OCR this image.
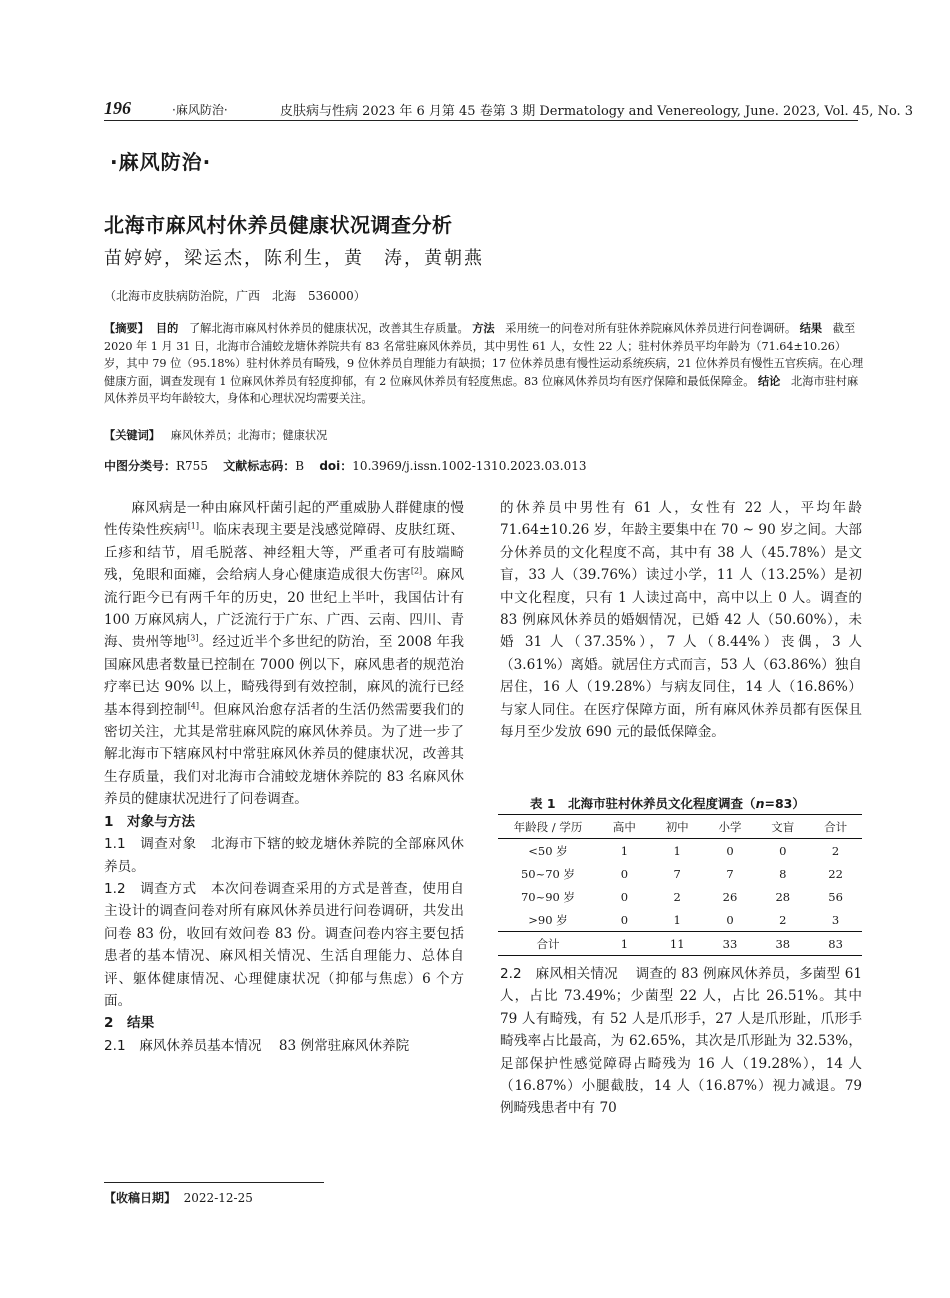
196	·麻风防治·	皮肤病与性病 2023 年 6 月第 45 卷第 3 期 Dermatology and Venereology, June. 2023, Vol. 45, No. 3
·麻风防治·
北海市麻风村休养员健康状况调查分析
苗婷婷，梁运杰，陈利生，黄　涛，黄朝燕
（北海市皮肤病防治院，广西　北海　536000）
【摘要】 目的 了解北海市麻风村休养员的健康状况，改善其生存质量。 方法 采用统一的问卷对所有驻休养院麻风休养员进行问卷调研。 结果 截至 2020 年 1 月 31 日，北海市合浦蛟龙塘休养院共有 83 名常驻麻风休养员，其中男性 61 人，女性 22 人；驻村休养员平均年龄为（71.64±10.26）岁，其中 79 位（95.18%）驻村休养员有畸残，9 位休养员自理能力有缺损；17 位休养员患有慢性运动系统疾病，21 位休养员有慢性五官疾病。在心理健康方面，调查发现有 1 位麻风休养员有轻度抑郁，有 2 位麻风休养员有轻度焦虑。83 位麻风休养员均有医疗保障和最低保障金。 结论 北海市驻村麻风休养员平均年龄较大，身体和心理状况均需要关注。
【关键词】 麻风休养员；北海市；健康状况
中图分类号：R755 文献标志码：B doi：10.3969/j.issn.1002-1310.2023.03.013

麻风病是一种由麻风杆菌引起的严重威胁人群健康的慢性传染性疾病[1]。临床表现主要是浅感觉障碍、皮肤红斑、丘疹和结节，眉毛脱落、神经粗大等，严重者可有肢端畸残，兔眼和面瘫，会给病人身心健康造成很大伤害[2]。麻风流行距今已有两千年的历史，20 世纪上半叶，我国估计有 100 万麻风病人，广泛流行于广东、广西、云南、四川、青海、贵州等地[3]。经过近半个多世纪的防治，至 2008 年我国麻风患者数量已控制在 7000 例以下，麻风患者的规范治疗率已达 90% 以上，畸残得到有效控制，麻风的流行已经基本得到控制[4]。但麻风治愈存活者的生活仍然需要我们的密切关注，尤其是常驻麻风院的麻风休养员。为了进一步了解北海市下辖麻风村中常驻麻风休养员的健康状况，改善其生存质量，我们对北海市合浦蛟龙塘休养院的 83 名麻风休养员的健康状况进行了问卷调查。

1　对象与方法

1.1　调查对象 北海市下辖的蛟龙塘休养院的全部麻风休养员。

1.2　调查方式 本次问卷调查采用的方式是普查，使用自主设计的调查问卷对所有麻风休养员进行问卷调研，共发出问卷 83 份，收回有效问卷 83 份。调查问卷内容主要包括患者的基本情况、麻风相关情况、生活自理能力、总体自评、躯体健康情况、心理健康状况（抑郁与焦虑）6 个方面。

2　结果

2.1　麻风休养员基本情况 83 例常驻麻风休养院

的休养员中男性有 61 人，女性有 22 人，平均年龄 71.64±10.26 岁，年龄主要集中在 70 ~ 90 岁之间。大部分休养员的文化程度不高，其中有 38 人（45.78%）是文盲，33 人（39.76%）读过小学，11 人（13.25%）是初中文化程度，只有 1 人读过高中，高中以上 0 人。调查的 83 例麻风休养员的婚姻情况，已婚 42 人（50.60%），未婚 31 人（37.35%），7 人（8.44%）丧偶，3 人（3.61%）离婚。就居住方式而言，53 人（63.86%）独自居住，16 人（19.28%）与病友同住，14 人（16.86%）与家人同住。在医疗保障方面，所有麻风休养员都有医保且每月至少发放 690 元的最低保障金。

表 1　北海市驻村休养员文化程度调查（n=83）
年龄段 / 学历	高中	初中	小学	文盲	合计
<50 岁	1	1	0	0	2
50~70 岁	0	7	7	8	22
70~90 岁	0	2	26	28	56
>90 岁	0	1	0	2	3
合计	1	11	33	38	83

2.2　麻风相关情况 调查的 83 例麻风休养员，多菌型 61 人，占比 73.49%；少菌型 22 人，占比 26.51%。其中 79 人有畸残，有 52 人是爪形手，27 人是爪形趾，爪形手畸残率占比最高，为 62.65%，其次是爪形趾为 32.53%，足部保护性感觉障碍占畸残为 16 人（19.28%），14 人（16.87%）小腿截肢，14 人（16.87%）视力减退。79 例畸残患者中有 70

【收稿日期】 2022-12-25
